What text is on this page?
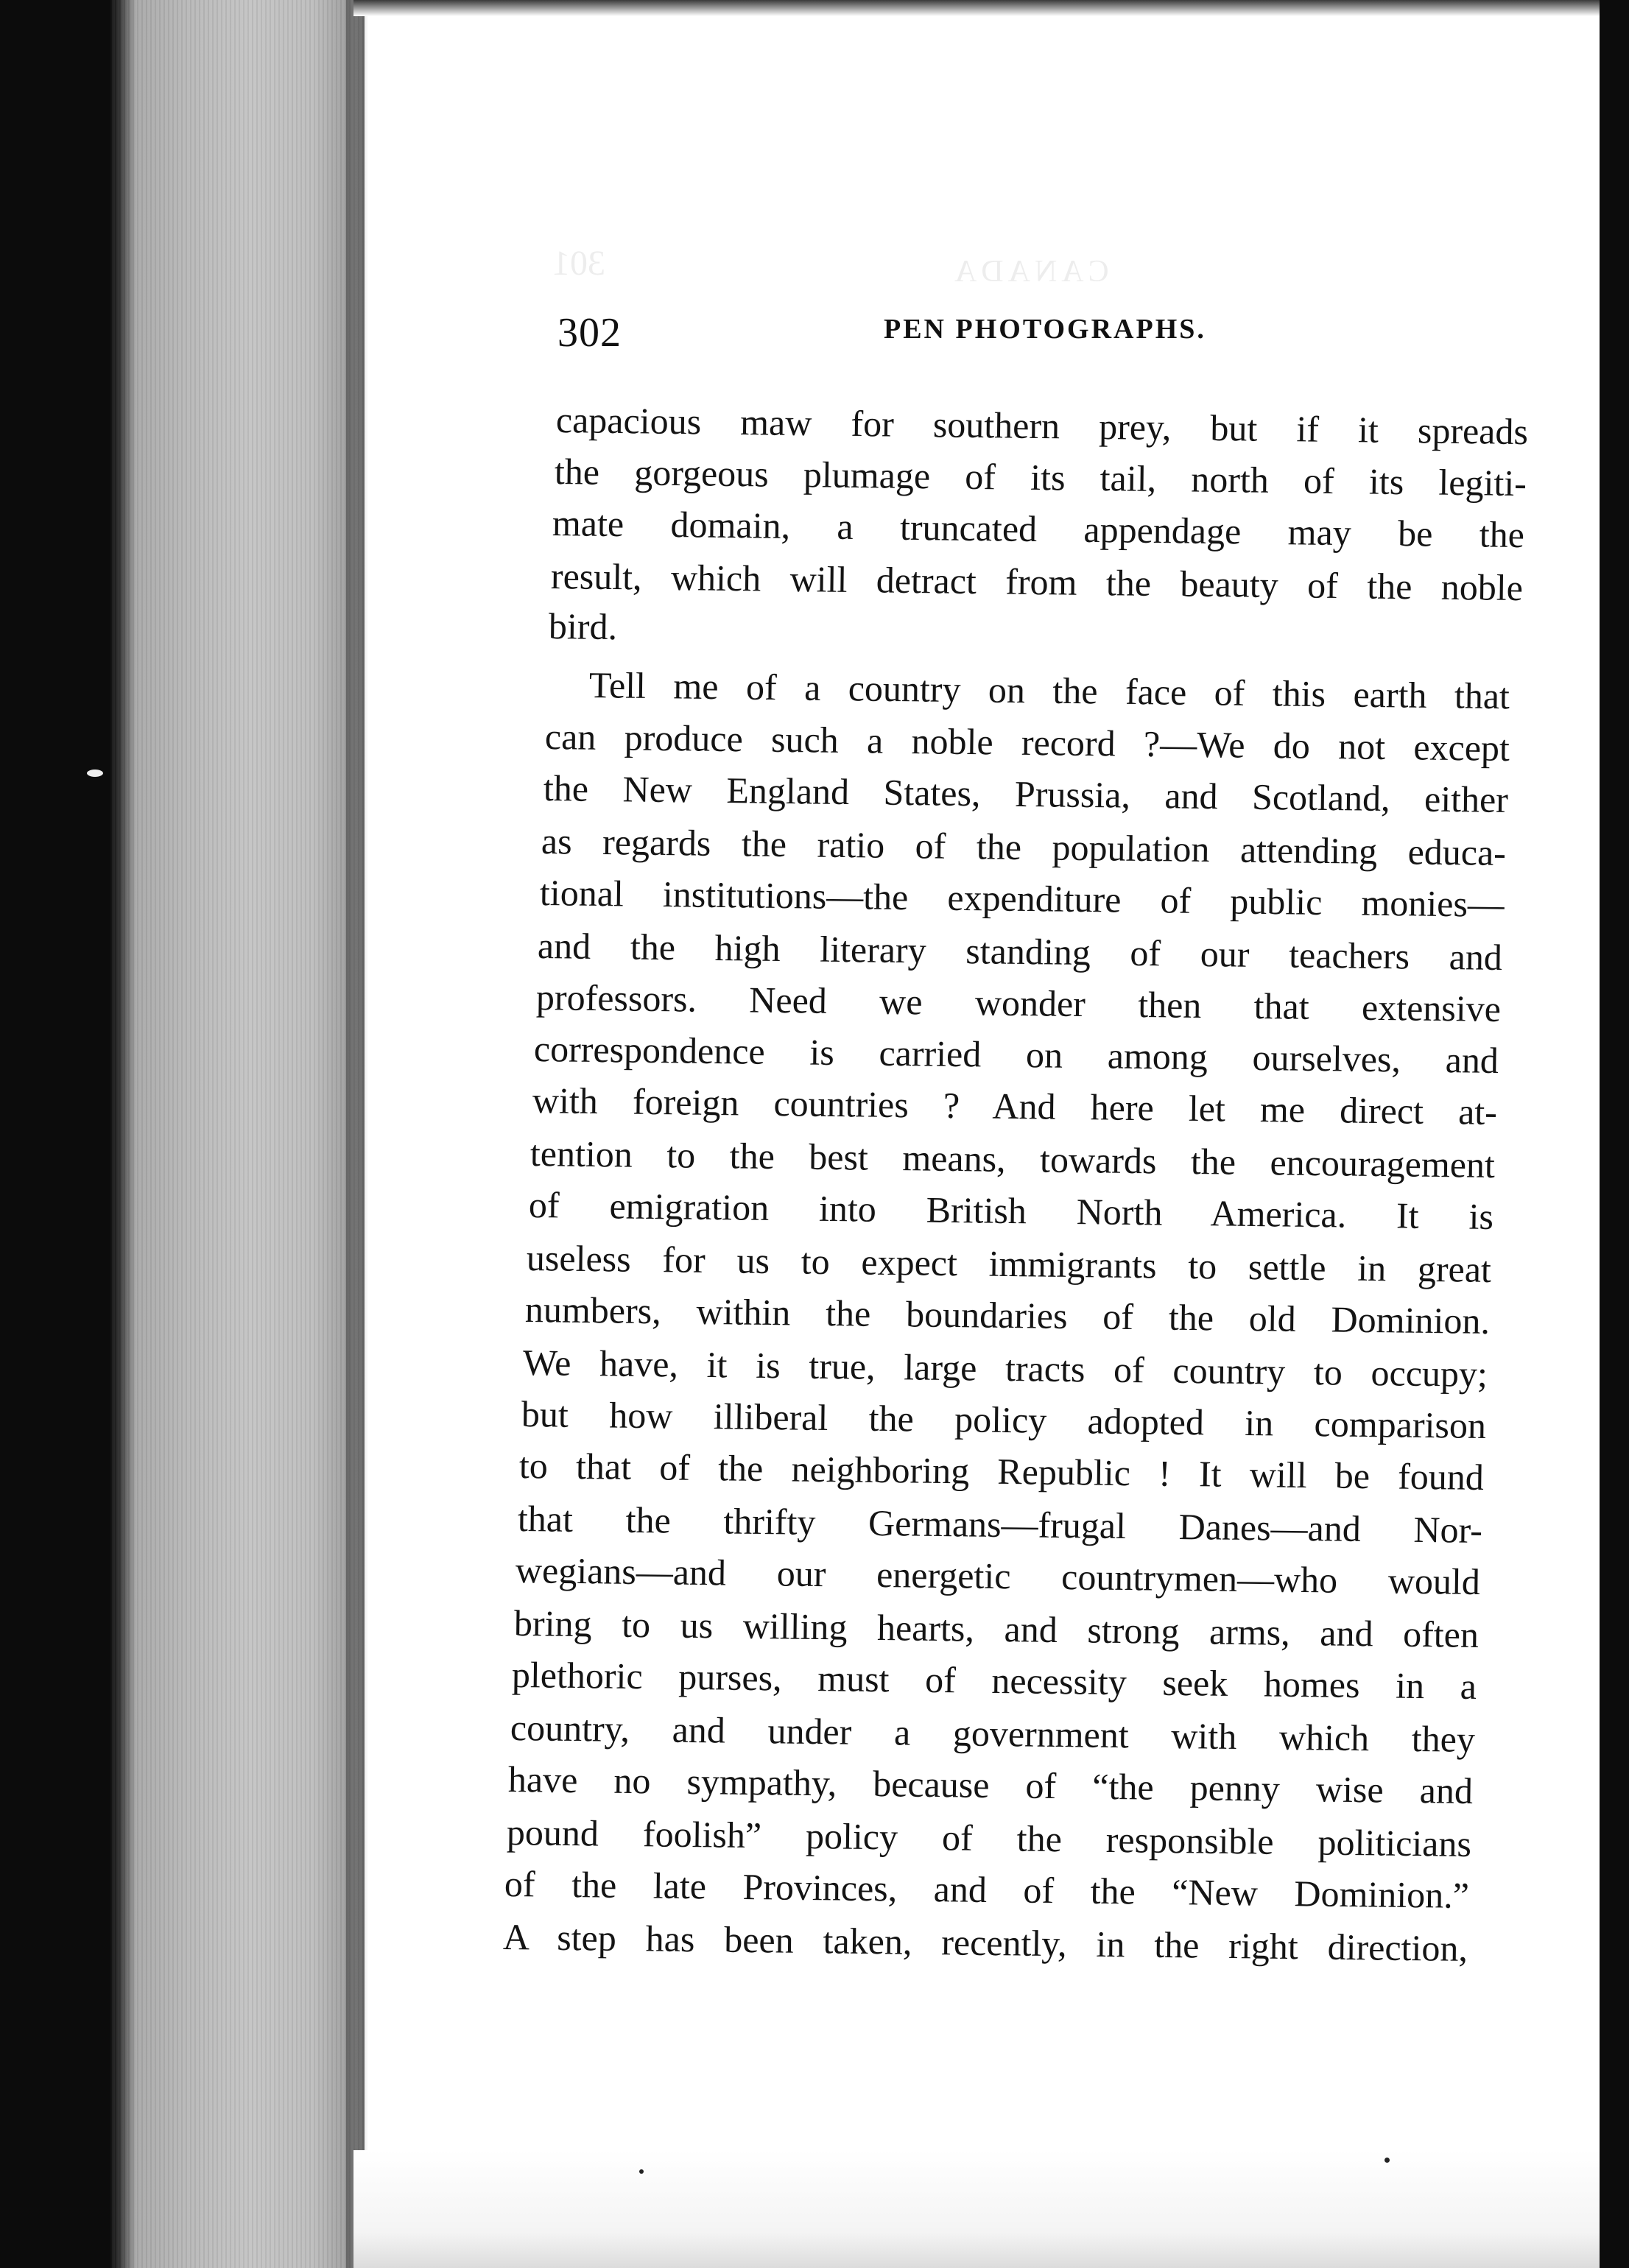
CANADA
301
302	PEN PHOTOGRAPHS.
capacious maw for southern prey, but if it spreads
the gorgeous plumage of its tail, north of its legiti-
mate domain, a truncated appendage may be the
result, which will detract from the beauty of the noble
bird.
Tell me of a country on the face of this earth that
can produce such a noble record ?—We do not except
the New England States, Prussia, and Scotland, either
as regards the ratio of the population attending educa-
tional institutions—the expenditure of public monies—
and the high literary standing of our teachers and
professors. Need we wonder then that extensive
correspondence is carried on among ourselves, and
with foreign countries ? And here let me direct at-
tention to the best means, towards the encouragement
of emigration into British North America. It is
useless for us to expect immigrants to settle in great
numbers, within the boundaries of the old Dominion.
We have, it is true, large tracts of country to occupy;
but how illiberal the policy adopted in comparison
to that of the neighboring Republic ! It will be found
that the thrifty Germans—frugal Danes—and Nor-
wegians—and our energetic countrymen—who would
bring to us willing hearts, and strong arms, and often
plethoric purses, must of necessity seek homes in a
country, and under a government with which they
have no sympathy, because of “the penny wise and
pound foolish” policy of the responsible politicians
of the late Provinces, and of the “New Dominion.”
A step has been taken, recently, in the right direction,
